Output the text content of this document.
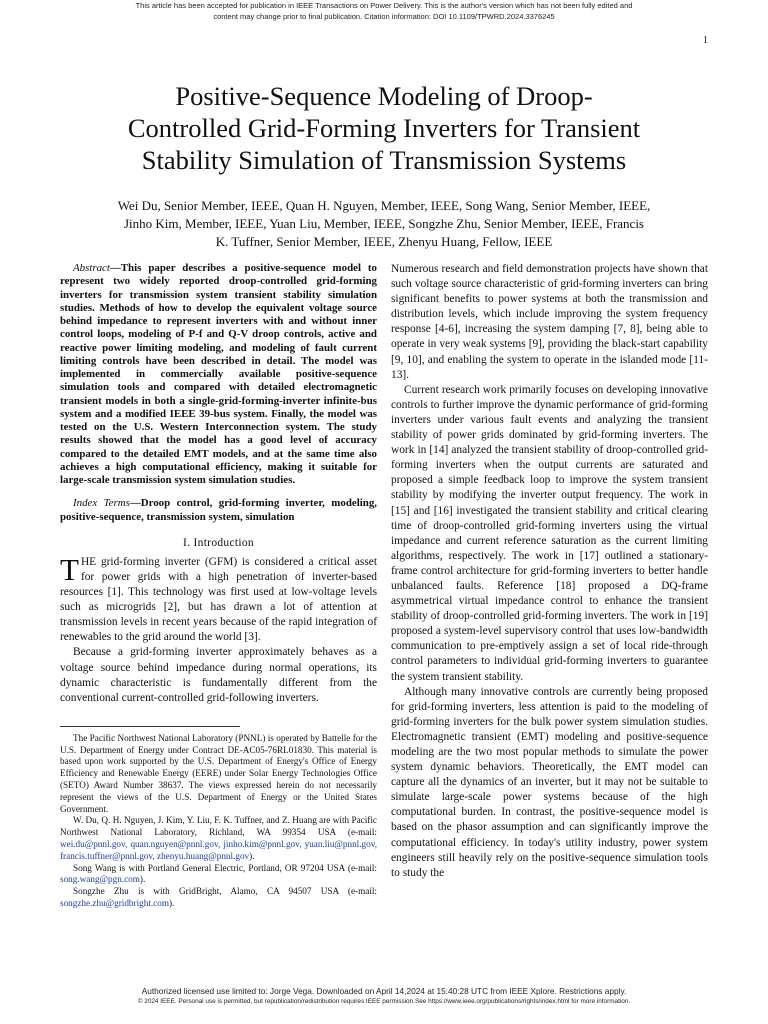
This article has been accepted for publication in IEEE Transactions on Power Delivery. This is the author's version which has not been fully edited and
content may change prior to final publication. Citation information: DOI 10.1109/TPWRD.2024.3376245
1
Positive-Sequence Modeling of Droop-
Controlled Grid-Forming Inverters for Transient
Stability Simulation of Transmission Systems
Wei Du, Senior Member, IEEE, Quan H. Nguyen, Member, IEEE, Song Wang, Senior Member, IEEE,
Jinho Kim, Member, IEEE, Yuan Liu, Member, IEEE, Songzhe Zhu, Senior Member, IEEE, Francis
K. Tuffner, Senior Member, IEEE, Zhenyu Huang, Fellow, IEEE

Abstract—This paper describes a positive-sequence model to represent two widely reported droop-controlled grid-forming inverters for transmission system transient stability simulation studies. Methods of how to develop the equivalent voltage source behind impedance to represent inverters with and without inner control loops, modeling of P-f and Q-V droop controls, active and reactive power limiting modeling, and modeling of fault current limiting controls have been described in detail. The model was implemented in commercially available positive-sequence simulation tools and compared with detailed electromagnetic transient models in both a single-grid-forming-inverter infinite-bus system and a modified IEEE 39-bus system. Finally, the model was tested on the U.S. Western Interconnection system. The study results showed that the model has a good level of accuracy compared to the detailed EMT models, and at the same time also achieves a high computational efficiency, making it suitable for large-scale transmission system simulation studies.

Index Terms—Droop control, grid-forming inverter, modeling, positive-sequence, transmission system, simulation

I. Introduction

THE grid-forming inverter (GFM) is considered a critical asset for power grids with a high penetration of inverter-based resources [1]. This technology was first used at low-voltage levels such as microgrids [2], but has drawn a lot of attention at transmission levels in recent years because of the rapid integration of renewables to the grid around the world [3].

Because a grid-forming inverter approximately behaves as a voltage source behind impedance during normal operations, its dynamic characteristic is fundamentally different from the conventional current-controlled grid-following inverters.

The Pacific Northwest National Laboratory (PNNL) is operated by Battelle for the U.S. Department of Energy under Contract DE-AC05-76RL01830. This material is based upon work supported by the U.S. Department of Energy's Office of Energy Efficiency and Renewable Energy (EERE) under Solar Energy Technologies Office (SETO) Award Number 38637. The views expressed herein do not necessarily represent the views of the U.S. Department of Energy or the United States Government.

W. Du, Q. H. Nguyen, J. Kim, Y. Liu, F. K. Tuffner, and Z. Huang are with Pacific Northwest National Laboratory, Richland, WA 99354 USA (e-mail: wei.du@pnnl.gov, quan.nguyen@pnnl.gov, jinho.kim@pnnl.gov, yuan.liu@pnnl.gov, francis.tuffner@pnnl.gov, zhenyu.huang@pnnl.gov).

Song Wang is with Portland General Electric, Portland, OR 97204 USA (e-mail: song.wang@pgn.com).

Songzhe Zhu is with GridBright, Alamo, CA 94507 USA (e-mail: songzhe.zhu@gridbright.com).

Numerous research and field demonstration projects have shown that such voltage source characteristic of grid-forming inverters can bring significant benefits to power systems at both the transmission and distribution levels, which include improving the system frequency response [4-6], increasing the system damping [7, 8], being able to operate in very weak systems [9], providing the black-start capability [9, 10], and enabling the system to operate in the islanded mode [11-13].

Current research work primarily focuses on developing innovative controls to further improve the dynamic performance of grid-forming inverters under various fault events and analyzing the transient stability of power grids dominated by grid-forming inverters. The work in [14] analyzed the transient stability of droop-controlled grid-forming inverters when the output currents are saturated and proposed a simple feedback loop to improve the system transient stability by modifying the inverter output frequency. The work in [15] and [16] investigated the transient stability and critical clearing time of droop-controlled grid-forming inverters using the virtual impedance and current reference saturation as the current limiting algorithms, respectively. The work in [17] outlined a stationary-frame control architecture for grid-forming inverters to better handle unbalanced faults. Reference [18] proposed a DQ-frame asymmetrical virtual impedance control to enhance the transient stability of droop-controlled grid-forming inverters. The work in [19] proposed a system-level supervisory control that uses low-bandwidth communication to pre-emptively assign a set of local ride-through control parameters to individual grid-forming inverters to guarantee the system transient stability.

Although many innovative controls are currently being proposed for grid-forming inverters, less attention is paid to the modeling of grid-forming inverters for the bulk power system simulation studies. Electromagnetic transient (EMT) modeling and positive-sequence modeling are the two most popular methods to simulate the power system dynamic behaviors. Theoretically, the EMT model can capture all the dynamics of an inverter, but it may not be suitable to simulate large-scale power systems because of the high computational burden. In contrast, the positive-sequence model is based on the phasor assumption and can significantly improve the computational efficiency. In today's utility industry, power system engineers still heavily rely on the positive-sequence simulation tools to study the

Authorized licensed use limited to: Jorge Vega. Downloaded on April 14,2024 at 15:40:28 UTC from IEEE Xplore. Restrictions apply.
© 2024 IEEE. Personal use is permitted, but republication/redistribution requires IEEE permission.See https://www.ieee.org/publications/rights/index.html for more information.
